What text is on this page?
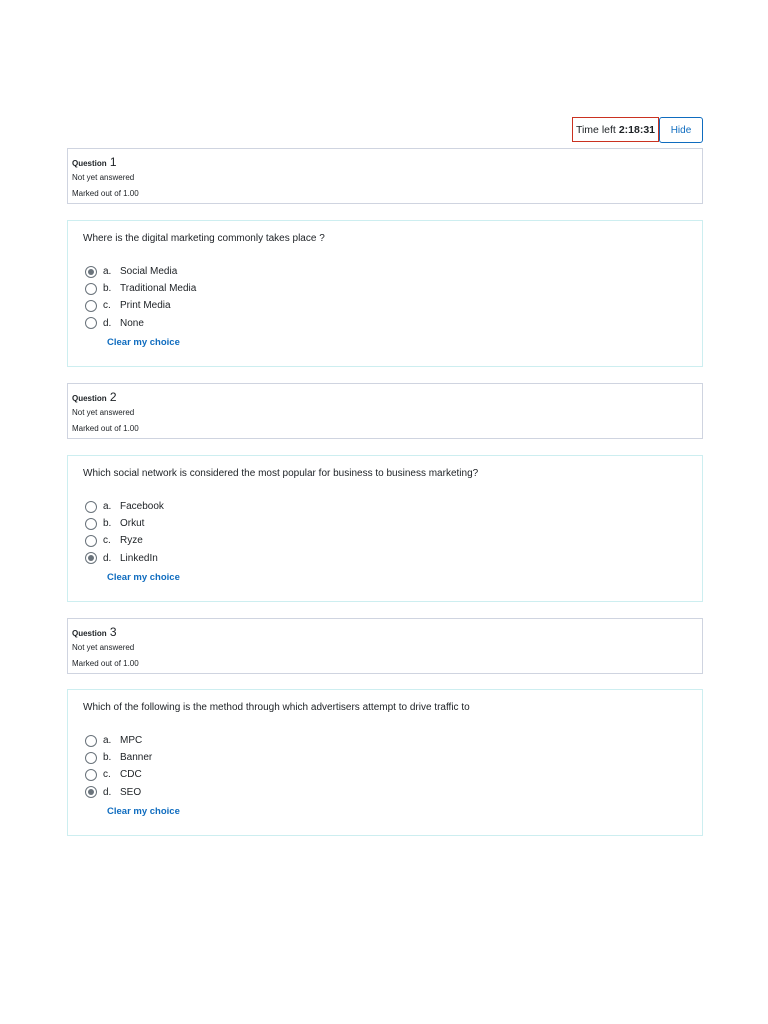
Time left 2:18:31	Hide
Question
1
Not yet answered
Marked out of 1.00
Where is the digital marketing commonly takes place ?
a. Social Media
b. Traditional Media
c. Print Media
d. None
Clear my choice
Question
2
Not yet answered
Marked out of 1.00
Which social network is considered the most popular for business to business marketing?
a. Facebook
b. Orkut
c. Ryze
d. LinkedIn
Clear my choice
Question
3
Not yet answered
Marked out of 1.00
Which of the following is the method through which advertisers attempt to drive traffic to
a. MPC
b. Banner
c. CDC
d. SEO
Clear my choice
